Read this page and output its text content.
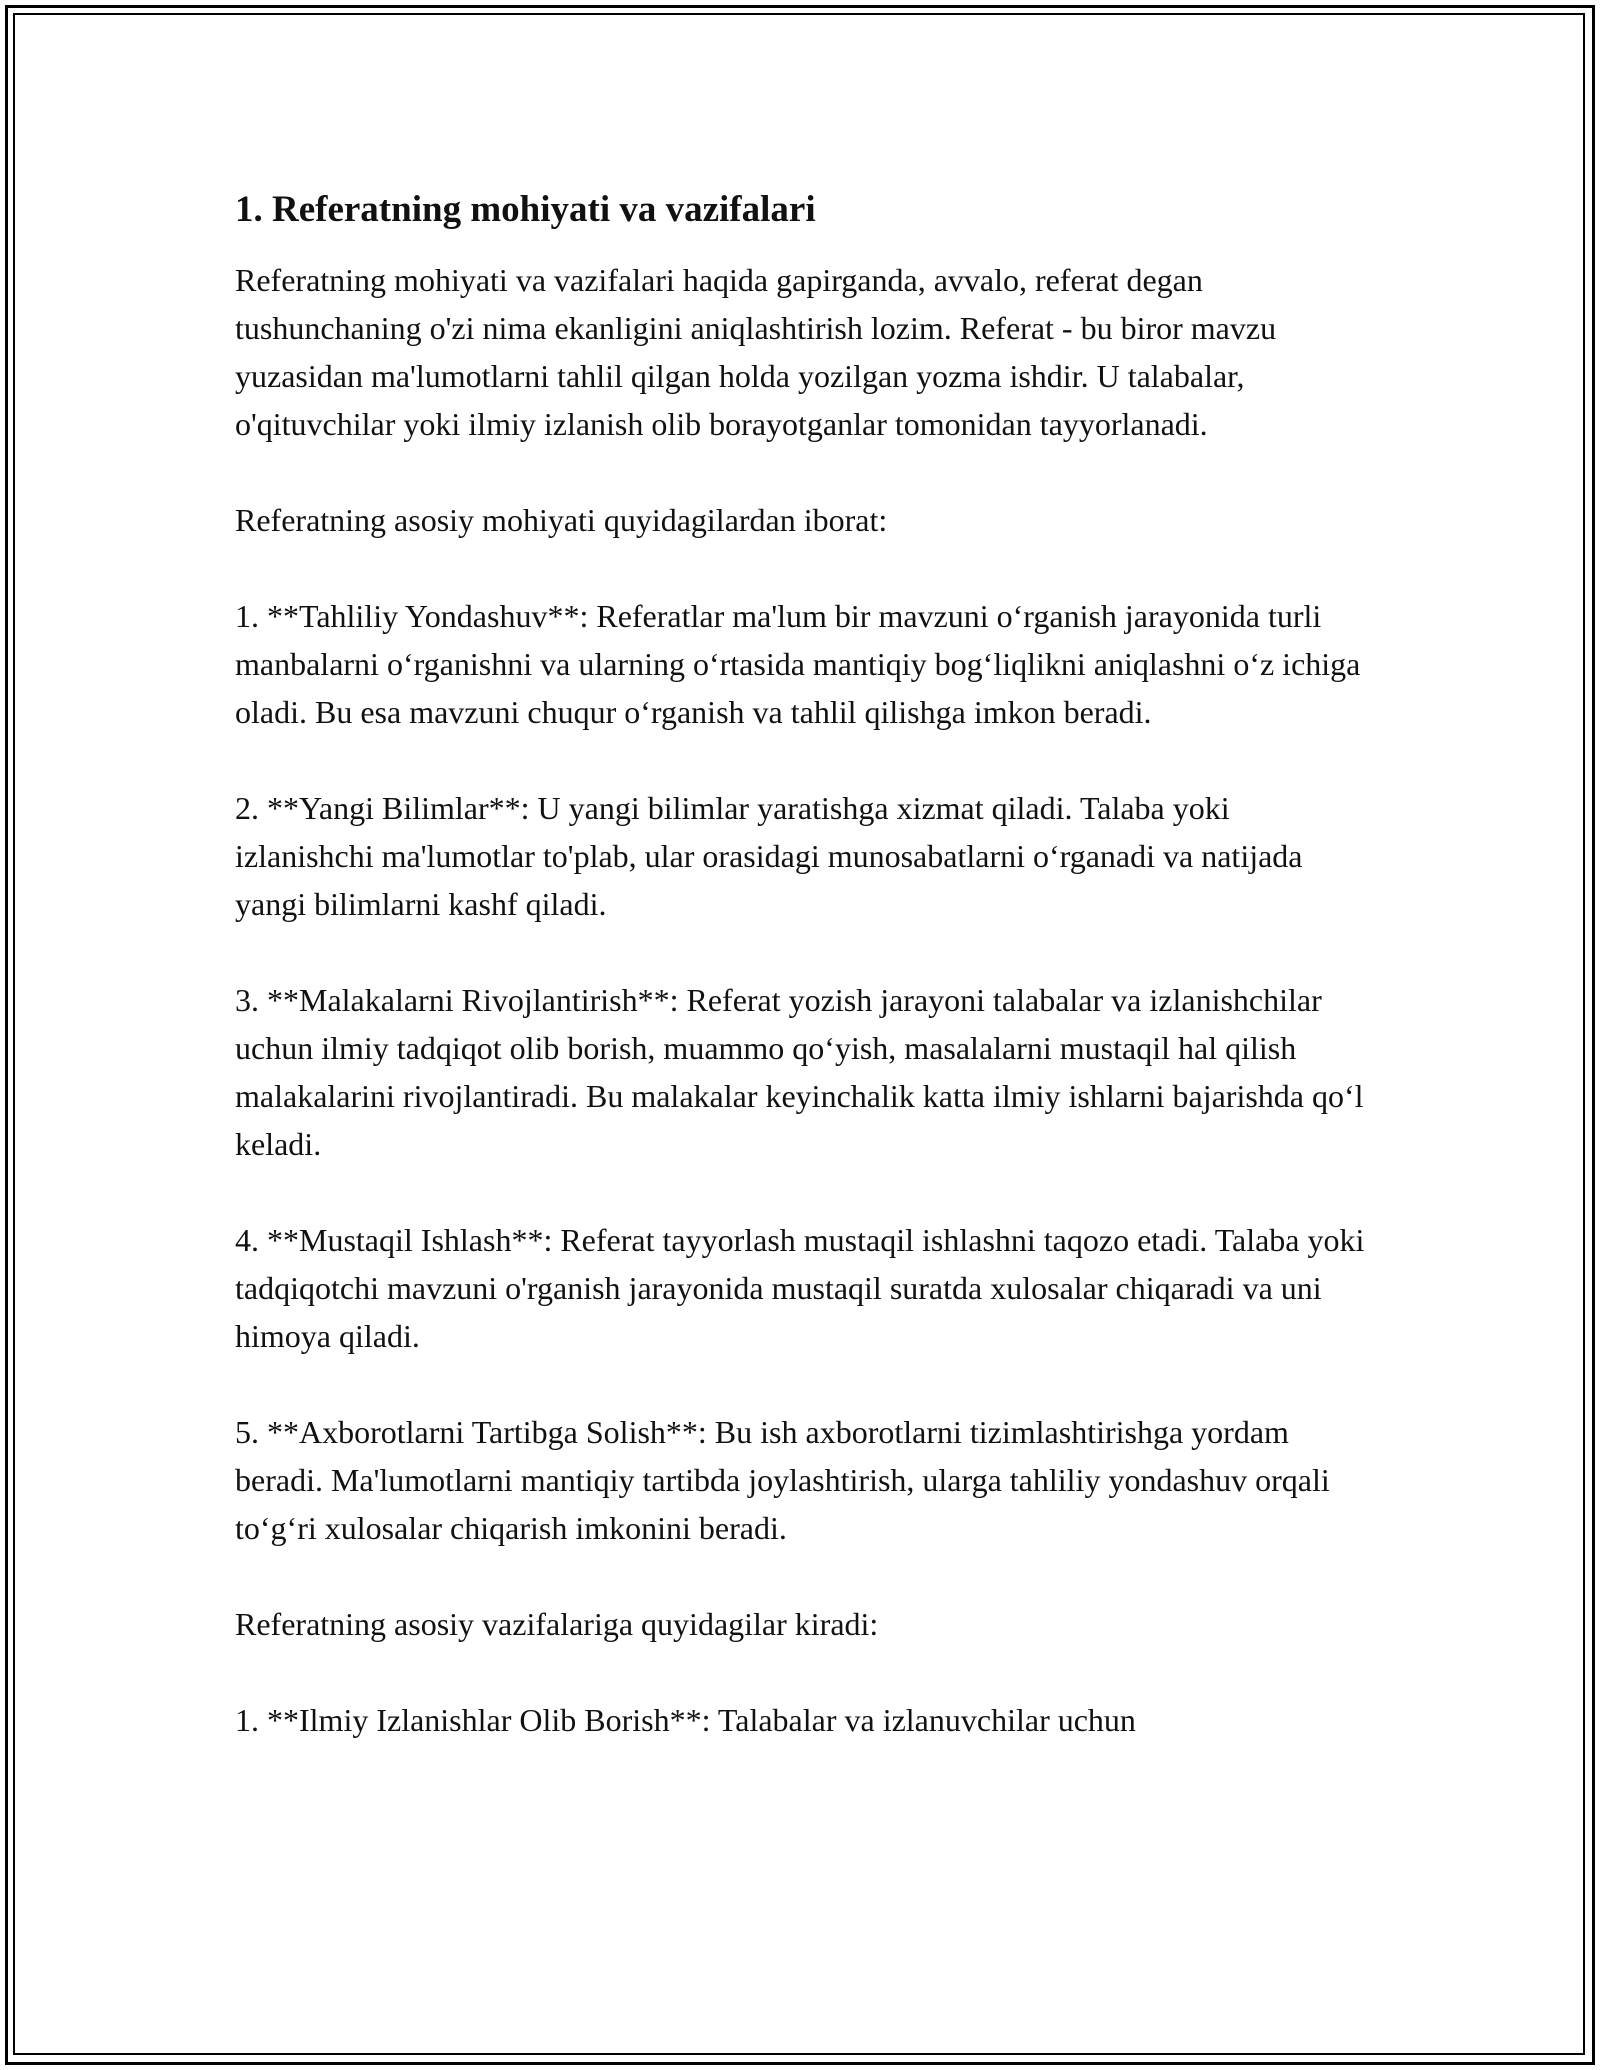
1. Referatning mohiyati va vazifalari

Referatning mohiyati va vazifalari haqida gapirganda, avvalo, referat degan tushunchaning o'zi nima ekanligini aniqlashtirish lozim. Referat - bu biror mavzu yuzasidan ma'lumotlarni tahlil qilgan holda yozilgan yozma ishdir. U talabalar, o'qituvchilar yoki ilmiy izlanish olib borayotganlar tomonidan tayyorlanadi.

Referatning asosiy mohiyati quyidagilardan iborat:

1. **Tahliliy Yondashuv**: Referatlar ma'lum bir mavzuni o‘rganish jarayonida turli manbalarni o‘rganishni va ularning o‘rtasida mantiqiy bog‘liqlikni aniqlashni o‘z ichiga oladi. Bu esa mavzuni chuqur o‘rganish va tahlil qilishga imkon beradi.

2. **Yangi Bilimlar**: U yangi bilimlar yaratishga xizmat qiladi. Talaba yoki izlanishchi ma'lumotlar to'plab, ular orasidagi munosabatlarni o‘rganadi va natijada yangi bilimlarni kashf qiladi.

3. **Malakalarni Rivojlantirish**: Referat yozish jarayoni talabalar va izlanishchilar uchun ilmiy tadqiqot olib borish, muammo qo‘yish, masalalarni mustaqil hal qilish malakalarini rivojlantiradi. Bu malakalar keyinchalik katta ilmiy ishlarni bajarishda qo‘l keladi.

4. **Mustaqil Ishlash**: Referat tayyorlash mustaqil ishlashni taqozo etadi. Talaba yoki tadqiqotchi mavzuni o'rganish jarayonida mustaqil suratda xulosalar chiqaradi va uni himoya qiladi.

5. **Axborotlarni Tartibga Solish**: Bu ish axborotlarni tizimlashtirishga yordam beradi. Ma'lumotlarni mantiqiy tartibda joylashtirish, ularga tahliliy yondashuv orqali to‘g‘ri xulosalar chiqarish imkonini beradi.

Referatning asosiy vazifalariga quyidagilar kiradi:

1. **Ilmiy Izlanishlar Olib Borish**: Talabalar va izlanuvchilar uchun
